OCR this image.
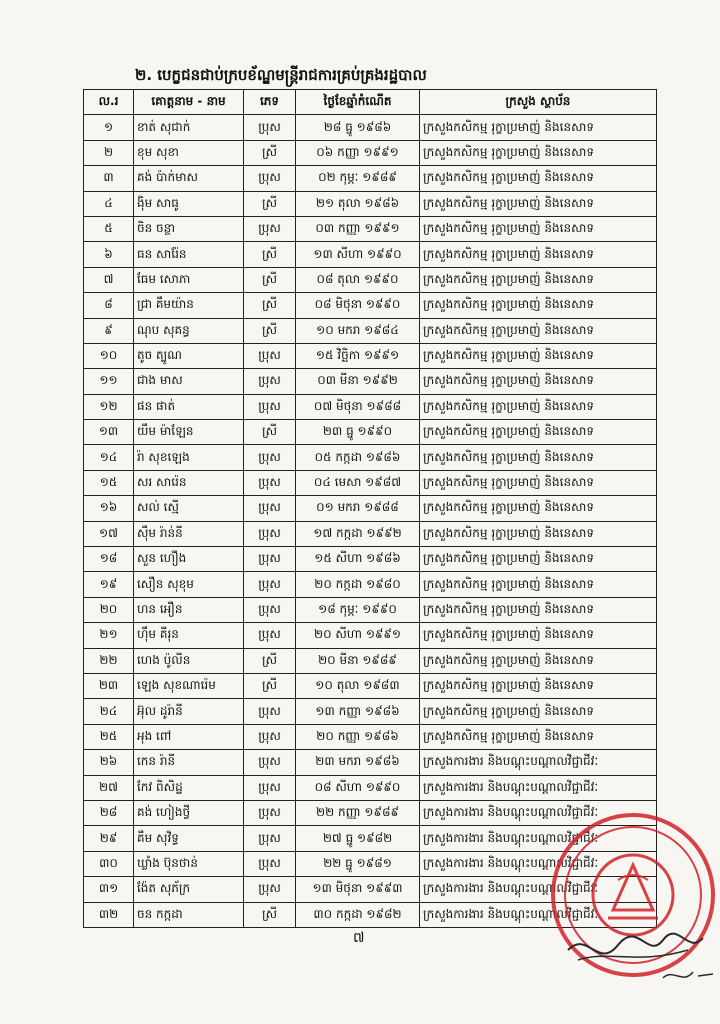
២. បេក្ខជនជាប់ក្របខ័ណ្ឌមន្ត្រីរាជការគ្រប់គ្រងរដ្ឋបាល
ល.រ	គោត្តនាម - នាម	ភេទ	ថ្ងៃខែឆ្នាំកំណើត	ក្រសួង ស្ថាប័ន
១	ខាត់ សុជាក់	ប្រុស	២៨ ធ្នូ ១៩៨៦	ក្រសួងកសិកម្ម រុក្ខាប្រមាញ់ និងនេសាទ
២	ខុម សុខា	ស្រី	០៦ កញ្ញា ១៩៩១	ក្រសួងកសិកម្ម រុក្ខាប្រមាញ់ និងនេសាទ
៣	គង់ ប៉ាក់មាស	ប្រុស	០២ កុម្ភៈ ១៩៨៩	ក្រសួងកសិកម្ម រុក្ខាប្រមាញ់ និងនេសាទ
៤	ង៉ិម សាធូ	ស្រី	២១ តុលា ១៩៨៦	ក្រសួងកសិកម្ម រុក្ខាប្រមាញ់ និងនេសាទ
៥	ចិន ចន្ថា	ប្រុស	០៣ កញ្ញា ១៩៩១	ក្រសួងកសិកម្ម រុក្ខាប្រមាញ់ និងនេសាទ
៦	ធន សារ៉ែន	ស្រី	១៣ សីហា ១៩៩០	ក្រសួងកសិកម្ម រុក្ខាប្រមាញ់ និងនេសាទ
៧	ធែម សោភា	ស្រី	០៨ តុលា ១៩៩០	ក្រសួងកសិកម្ម រុក្ខាប្រមាញ់ និងនេសាទ
៨	ជ្រា គឹមយ៉ាន	ស្រី	០៨ មិថុនា ១៩៩០	ក្រសួងកសិកម្ម រុក្ខាប្រមាញ់ និងនេសាទ
៩	ណុប សុគន្ធ	ស្រី	១០ មករា ១៩៨៤	ក្រសួងកសិកម្ម រុក្ខាប្រមាញ់ និងនេសាទ
១០	តូច ត្បូណ	ប្រុស	១៥ វិច្ឆិកា ១៩៩១	ក្រសួងកសិកម្ម រុក្ខាប្រមាញ់ និងនេសាទ
១១	ជាង មាស	ប្រុស	០៣ មីនា ១៩៩២	ក្រសួងកសិកម្ម រុក្ខាប្រមាញ់ និងនេសាទ
១២	ផន ផាត់	ប្រុស	០៧ មិថុនា ១៩៨៨	ក្រសួងកសិកម្ម រុក្ខាប្រមាញ់ និងនេសាទ
១៣	យឹម ម៉ាឡែន	ស្រី	២៣ ធ្នូ ១៩៩០	ក្រសួងកសិកម្ម រុក្ខាប្រមាញ់ និងនេសាទ
១៤	រ៉ា សុខឡេង	ប្រុស	០៥ កក្កដា ១៩៨៦	ក្រសួងកសិកម្ម រុក្ខាប្រមាញ់ និងនេសាទ
១៥	សរ សារ៉េន	ប្រុស	០៤ មេសា ១៩៨៧	ក្រសួងកសិកម្ម រុក្ខាប្រមាញ់ និងនេសាទ
១៦	សល់ ស្មើ	ប្រុស	០១ មករា ១៩៨៨	ក្រសួងកសិកម្ម រុក្ខាប្រមាញ់ និងនេសាទ
១៧	ស៊ឹម រ៉ាន់នី	ប្រុស	១៧ កក្កដា ១៩៩២	ក្រសួងកសិកម្ម រុក្ខាប្រមាញ់ និងនេសាទ
១៨	សួន ហឿង	ប្រុស	១៥ សីហា ១៩៨៦	ក្រសួងកសិកម្ម រុក្ខាប្រមាញ់ និងនេសាទ
១៩	សឿន សុខុម	ប្រុស	២០ កក្កដា ១៩៨០	ក្រសួងកសិកម្ម រុក្ខាប្រមាញ់ និងនេសាទ
២០	ហន អឿន	ប្រុស	១៨ កុម្ភៈ ១៩៩០	ក្រសួងកសិកម្ម រុក្ខាប្រមាញ់ និងនេសាទ
២១	ហ៊ឹម គីរុន	ប្រុស	២០ សីហា ១៩៩១	ក្រសួងកសិកម្ម រុក្ខាប្រមាញ់ និងនេសាទ
២២	ហេង ប៉ូលីន	ស្រី	២០ មីនា ១៩៨៩	ក្រសួងកសិកម្ម រុក្ខាប្រមាញ់ និងនេសាទ
២៣	ឡេង សុខណារ៉េម	ស្រី	១០ តុលា ១៩៨៣	ក្រសួងកសិកម្ម រុក្ខាប្រមាញ់ និងនេសាទ
២៤	អ៊ុល ដូរ៉ានី	ប្រុស	១៣ កញ្ញា ១៩៨៦	ក្រសួងកសិកម្ម រុក្ខាប្រមាញ់ និងនេសាទ
២៥	អុង ពៅ	ប្រុស	២០ កញ្ញា ១៩៨៦	ក្រសួងកសិកម្ម រុក្ខាប្រមាញ់ និងនេសាទ
២៦	កេន រ៉ានី	ប្រុស	២៣ មករា ១៩៨៦	ក្រសួងការងារ និងបណ្តុះបណ្តាលវិជ្ជាជីវៈ
២៧	កែវ ពិសិដ្ឋ	ប្រុស	០៨ សីហា ១៩៩០	ក្រសួងការងារ និងបណ្តុះបណ្តាលវិជ្ជាជីវៈ
២៨	គង់ ហៀងថ្វី	ប្រុស	២២ កញ្ញា ១៩៨៩	ក្រសួងការងារ និងបណ្តុះបណ្តាលវិជ្ជាជីវៈ
២៩	គឹម សុវិទ្ធ	ប្រុស	២៧ ធ្នូ ១៩៨២	ក្រសួងការងារ និងបណ្តុះបណ្តាលវិជ្ជាជីវៈ
៣០	ឃ្លាំង ប៊ុនថាន់	ប្រុស	២២ ធ្នូ ១៩៨១	ក្រសួងការងារ និងបណ្តុះបណ្តាលវិជ្ជាជីវៈ
៣១	ង៉ែត សុភ័ក្រ	ប្រុស	១៣ មិថុនា ១៩៩៣	ក្រសួងការងារ និងបណ្តុះបណ្តាលវិជ្ជាជីវៈ
៣២	ចន កក្កដា	ស្រី	៣០ កក្កដា ១៩៨២	ក្រសួងការងារ និងបណ្តុះបណ្តាលវិជ្ជាជីវៈ
៧
